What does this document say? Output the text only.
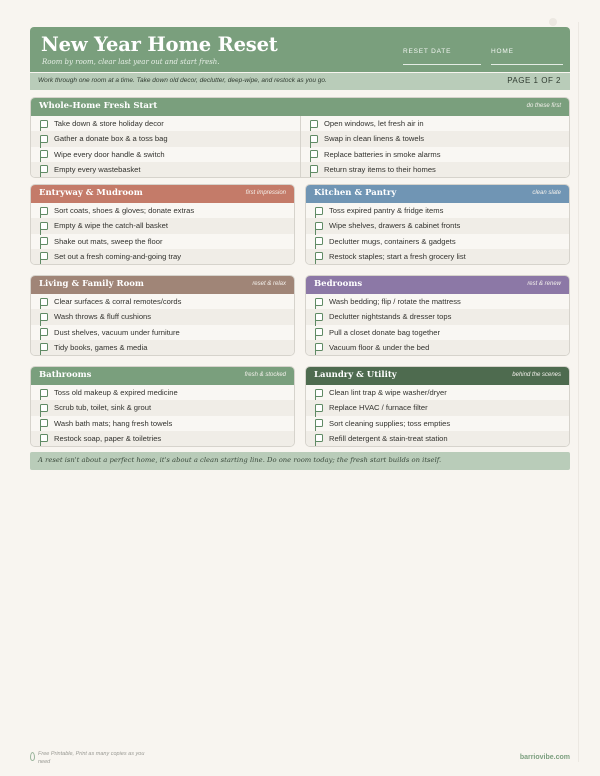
New Year Home Reset
Room by room, clear last year out and start fresh.
RESET DATE	HOME
Work through one room at a time. Take down old decor, declutter, deep-wipe, and restock as you go.	PAGE 1 OF 2
Whole-Home Fresh Start	do these first
Take down & store holiday decor
Gather a donate box & a toss bag
Wipe every door handle & switch
Empty every wastebasket
Open windows, let fresh air in
Swap in clean linens & towels
Replace batteries in smoke alarms
Return stray items to their homes
Entryway & Mudroom	first impression
Sort coats, shoes & gloves; donate extras
Empty & wipe the catch-all basket
Shake out mats, sweep the floor
Set out a fresh coming-and-going tray
Kitchen & Pantry	clean slate
Toss expired pantry & fridge items
Wipe shelves, drawers & cabinet fronts
Declutter mugs, containers & gadgets
Restock staples; start a fresh grocery list
Living & Family Room	reset & relax
Clear surfaces & corral remotes/cords
Wash throws & fluff cushions
Dust shelves, vacuum under furniture
Tidy books, games & media
Bedrooms	rest & renew
Wash bedding; flip / rotate the mattress
Declutter nightstands & dresser tops
Pull a closet donate bag together
Vacuum floor & under the bed
Bathrooms	fresh & stocked
Toss old makeup & expired medicine
Scrub tub, toilet, sink & grout
Wash bath mats; hang fresh towels
Restock soap, paper & toiletries
Laundry & Utility	behind the scenes
Clean lint trap & wipe washer/dryer
Replace HVAC / furnace filter
Sort cleaning supplies; toss empties
Refill detergent & stain-treat station
A reset isn't about a perfect home, it's about a clean starting line. Do one room today; the fresh start builds on itself.
Free Printable, Print as many copies as you need
barriovibe.com
